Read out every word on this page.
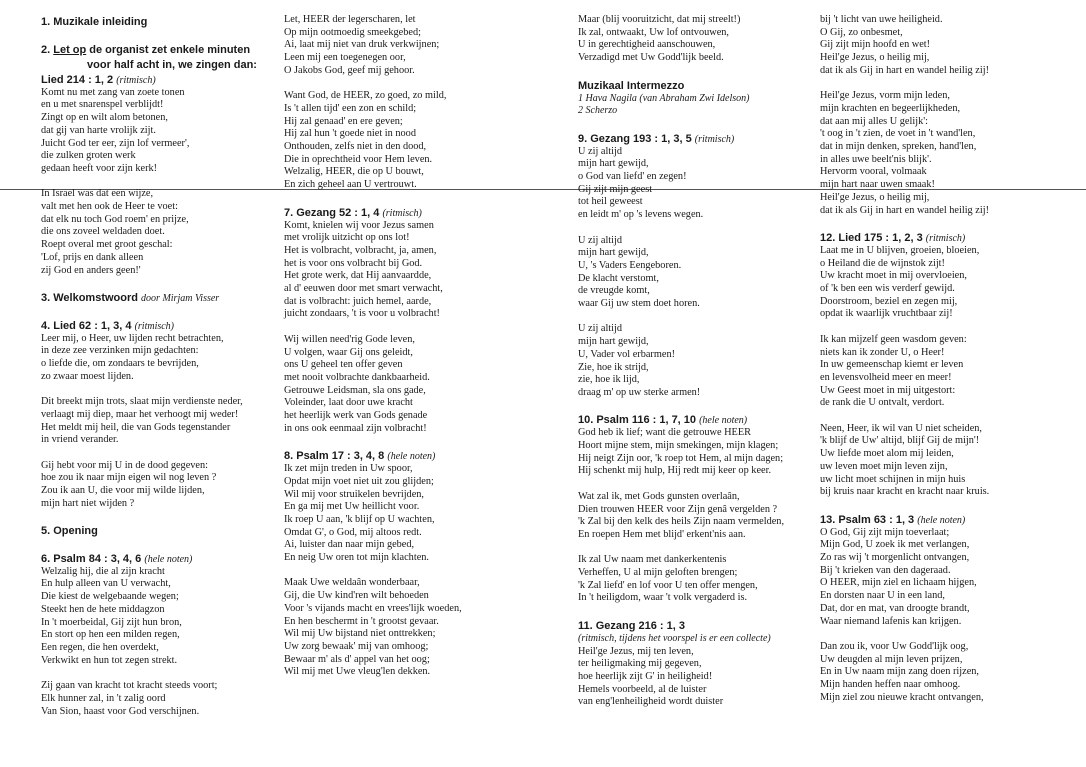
1. Muzikale inleiding
2. Let op de organist zet enkele minuten
voor half acht in, we zingen dan:
Lied 214 : 1, 2 (ritmisch)
Komt nu met zang van zoete tonen
en u met snarenspel verblijdt!
Zingt op en wilt alom betonen,
dat gij van harte vrolijk zijt.
Juicht God ter eer, zijn lof vermeer',
die zulken groten werk
gedaan heeft voor zijn kerk!
In Israel was dat een wijze,
valt met hen ook de Heer te voet:
dat elk nu toch God roem' en prijze,
die ons zoveel weldaden doet.
Roept overal met groot geschal:
'Lof, prijs en dank alleen
zij God en anders geen!'
3. Welkomstwoord door Mirjam Visser
4. Lied 62 : 1, 3, 4 (ritmisch)
Leer mij, o Heer, uw lijden recht betrachten,
in deze zee verzinken mijn gedachten:
o liefde die, om zondaars te bevrijden,
zo zwaar moest lijden.
Dit breekt mijn trots, slaat mijn verdienste neder,
verlaagt mij diep, maar het verhoogt mij weder!
Het meldt mij heil, die van Gods tegenstander
in vriend verander.
Gij hebt voor mij U in de dood gegeven:
hoe zou ik naar mijn eigen wil nog leven ?
Zou ik aan U, die voor mij wilde lijden,
mijn hart niet wijden ?
5. Opening
6. Psalm 84 : 3, 4, 6 (hele noten)
Welzalig hij, die al zijn kracht
En hulp alleen van U verwacht,
Die kiest de welgebaande wegen;
Steekt hen de hete middagzon
In 't moerbeidal, Gij zijt hun bron,
En stort op hen een milden regen,
Een regen, die hen overdekt,
Verkwikt en hun tot zegen strekt.
Zij gaan van kracht tot kracht steeds voort;
Elk hunner zal, in 't zalig oord
Van Sion, haast voor God verschijnen.
Let, HEER der legerscharen, let
Op mijn ootmoedig smeekgebed;
Ai, laat mij niet van druk verkwijnen;
Leen mij een toegenegen oor,
O Jakobs God, geef mij gehoor.
Want God, de HEER, zo goed, zo mild,
Is 't allen tijd' een zon en schild;
Hij zal genaad' en ere geven;
Hij zal hun 't goede niet in nood
Onthouden, zelfs niet in den dood,
Die in oprechtheid voor Hem leven.
Welzalig, HEER, die op U bouwt,
En zich geheel aan U vertrouwt.
7. Gezang 52 : 1, 4 (ritmisch)
Komt, knielen wij voor Jezus samen
met vrolijk uitzicht op ons lot!
Het is volbracht, volbracht, ja, amen,
het is voor ons volbracht bij God.
Het grote werk, dat Hij aanvaardde,
al d' eeuwen door met smart verwacht,
dat is volbracht: juich hemel, aarde,
juicht zondaars, 't is voor u volbracht!
Wij willen need'rig Gode leven,
U volgen, waar Gij ons geleidt,
ons U geheel ten offer geven
met nooit volbrachte dankbaarheid.
Getrouwe Leidsman, sla ons gade,
Voleinder, laat door uwe kracht
het heerlijk werk van Gods genade
in ons ook eenmaal zijn volbracht!
8. Psalm 17 : 3, 4, 8 (hele noten)
Ik zet mijn treden in Uw spoor,
Opdat mijn voet niet uit zou glijden;
Wil mij voor struikelen bevrijden,
En ga mij met Uw heillicht voor.
Ik roep U aan, 'k blijf op U wachten,
Omdat G', o God, mij altoos redt.
Ai, luister dan naar mijn gebed,
En neig Uw oren tot mijn klachten.
Maak Uwe weldaân wonderbaar,
Gij, die Uw kind'ren wilt behoeden
Voor 's vijands macht en vrees'lijk woeden,
En hen beschermt in 't grootst gevaar.
Wil mij Uw bijstand niet onttrekken;
Uw zorg bewaak' mij van omhoog;
Bewaar m' als d' appel van het oog;
Wil mij met Uwe vleug'len dekken.
Maar (blij vooruitzicht, dat mij streelt!)
Ik zal, ontwaakt, Uw lof ontvouwen,
U in gerechtigheid aanschouwen,
Verzadigd met Uw Godd'lijk beeld.
Muzikaal Intermezzo
1 Hava Nagila (van Abraham Zwi Idelson)
2 Scherzo
9. Gezang 193 : 1, 3, 5 (ritmisch)
U zij altijd
mijn hart gewijd,
o God van liefd' en zegen!
Gij zijt mijn geest
tot heil geweest
en leidt m' op 's levens wegen.
U zij altijd
mijn hart gewijd,
U, 's Vaders Eengeboren.
De klacht verstomt,
de vreugde komt,
waar Gij uw stem doet horen.
U zij altijd
mijn hart gewijd,
U, Vader vol erbarmen!
Zie, hoe ik strijd,
zie, hoe ik lijd,
draag m' op uw sterke armen!
10. Psalm 116 : 1, 7, 10 (hele noten)
God heb ik lief; want die getrouwe HEER
Hoort mijne stem, mijn smekingen, mijn klagen;
Hij neigt Zijn oor, 'k roep tot Hem, al mijn dagen;
Hij schenkt mij hulp, Hij redt mij keer op keer.
Wat zal ik, met Gods gunsten overlaân,
Dien trouwen HEER voor Zijn genâ vergelden ?
'k Zal bij den kelk des heils Zijn naam vermelden,
En roepen Hem met blijd' erkent'nis aan.
Ik zal Uw naam met dankerkentenis
Verheffen, U al mijn geloften brengen;
'k Zal liefd' en lof voor U ten offer mengen,
In 't heiligdom, waar 't volk vergaderd is.
11. Gezang 216 : 1, 3
(ritmisch, tijdens het voorspel is er een collecte)
Heil'ge Jezus, mij ten leven,
ter heiligmaking mij gegeven,
hoe heerlijk zijt G' in heiligheid!
Hemels voorbeeld, al de luister
van eng'lenheiligheid wordt duister
bij 't licht van uwe heiligheid.
O Gij, zo onbesmet,
Gij zijt mijn hoofd en wet!
Heil'ge Jezus, o heilig mij,
dat ik als Gij in hart en wandel heilig zij!
Heil'ge Jezus, vorm mijn leden,
mijn krachten en begeerlijkheden,
dat aan mij alles U gelijk':
't oog in 't zien, de voet in 't wand'len,
dat in mijn denken, spreken, hand'len,
in alles uwe beelt'nis blijk'.
Hervorm vooral, volmaak
mijn hart naar uwen smaak!
Heil'ge Jezus, o heilig mij,
dat ik als Gij in hart en wandel heilig zij!
12. Lied 175 : 1, 2, 3 (ritmisch)
Laat me in U blijven, groeien, bloeien,
o Heiland die de wijnstok zijt!
Uw kracht moet in mij overvloeien,
of 'k ben een wis verderf gewijd.
Doorstroom, beziel en zegen mij,
opdat ik waarlijk vruchtbaar zij!
Ik kan mijzelf geen wasdom geven:
niets kan ik zonder U, o Heer!
In uw gemeenschap kiemt er leven
en levensvolheid meer en meer!
Uw Geest moet in mij uitgestort:
de rank die U ontvalt, verdort.
Neen, Heer, ik wil van U niet scheiden,
'k blijf de Uw' altijd, blijf Gij de mijn'!
Uw liefde moet alom mij leiden,
uw leven moet mijn leven zijn,
uw licht moet schijnen in mijn huis
bij kruis naar kracht en kracht naar kruis.
13. Psalm 63 : 1, 3 (hele noten)
O God, Gij zijt mijn toeverlaat;
Mijn God, U zoek ik met verlangen,
Zo ras wij 't morgenlicht ontvangen,
Bij 't krieken van den dageraad.
O HEER, mijn ziel en lichaam hijgen,
En dorsten naar U in een land,
Dat, dor en mat, van droogte brandt,
Waar niemand lafenis kan krijgen.
Dan zou ik, voor Uw Godd'lijk oog,
Uw deugden al mijn leven prijzen,
En in Uw naam mijn zang doen rijzen,
Mijn handen heffen naar omhoog.
Mijn ziel zou nieuwe kracht ontvangen,
